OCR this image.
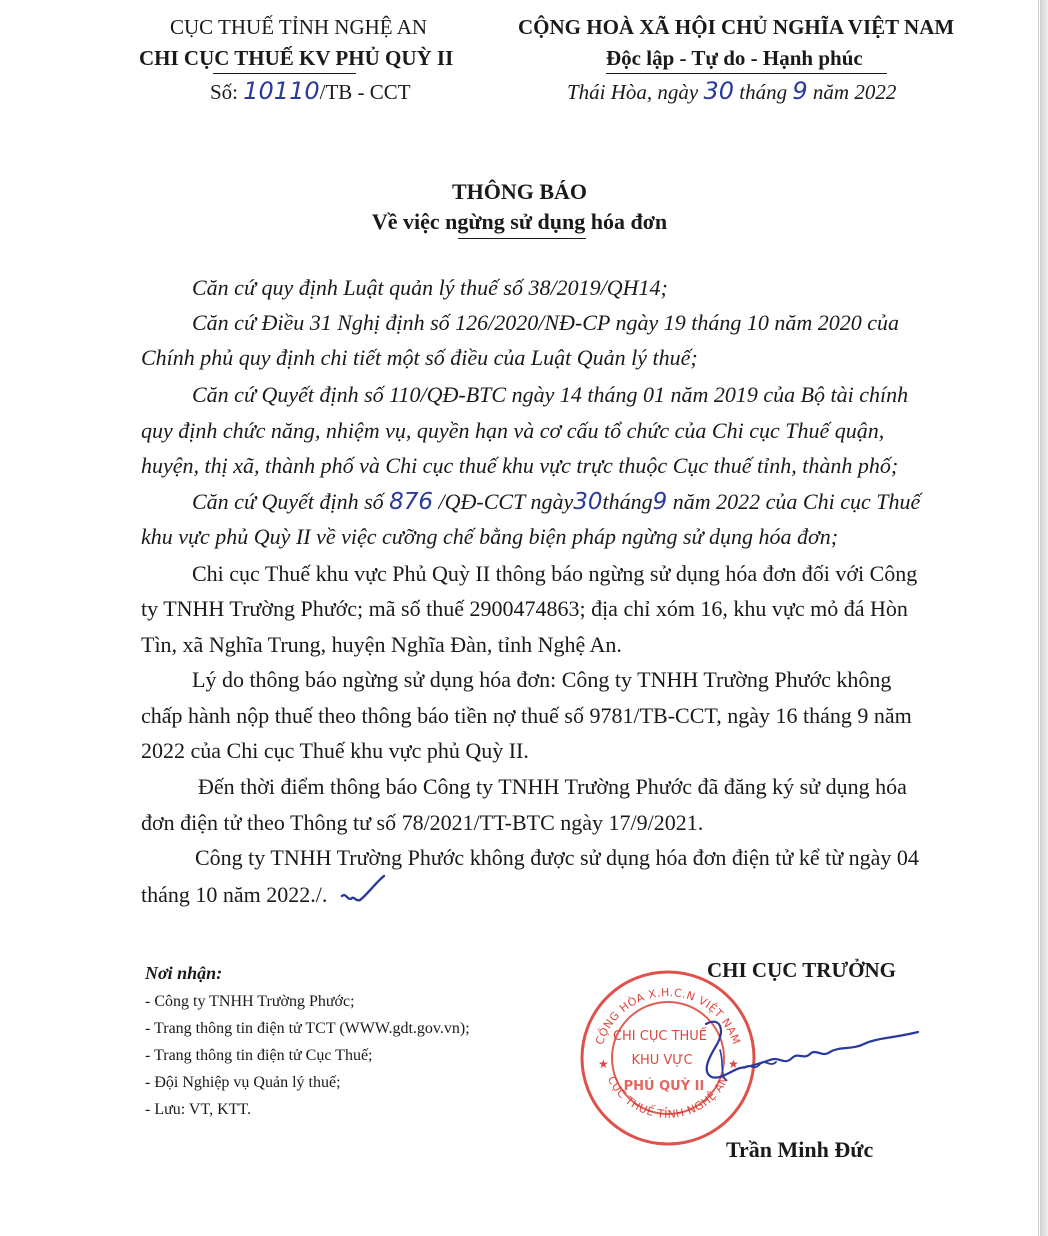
CỤC THUẾ TỈNH NGHỆ AN
CHI CỤC THUẾ KV PHỦ QUỲ II
Số: 10110/TB - CCT
CỘNG HOÀ XÃ HỘI CHỦ NGHĨA VIỆT NAM
Độc lập - Tự do - Hạnh phúc
Thái Hòa, ngày 30 tháng 9 năm 2022
THÔNG BÁO
Về việc ngừng sử dụng hóa đơn
Căn cứ quy định Luật quản lý thuế số 38/2019/QH14;
Căn cứ Điều 31 Nghị định số 126/2020/NĐ-CP ngày 19 tháng 10 năm 2020 của
Chính phủ quy định chi tiết một số điều của Luật Quản lý thuế;
Căn cứ Quyết định số 110/QĐ-BTC ngày 14 tháng 01 năm 2019 của Bộ tài chính
quy định chức năng, nhiệm vụ, quyền hạn và cơ cấu tổ chức của Chi cục Thuế quận,
huyện, thị xã, thành phố và Chi cục thuế khu vực trực thuộc Cục thuế tỉnh, thành phố;
Căn cứ Quyết định số 876 /QĐ-CCT ngày30tháng9 năm 2022 của Chi cục Thuế
khu vực phủ Quỳ II về việc cưỡng chế bằng biện pháp ngừng sử dụng hóa đơn;
Chi cục Thuế khu vực Phủ Quỳ II thông báo ngừng sử dụng hóa đơn đối với Công
ty TNHH Trường Phước; mã số thuế 2900474863; địa chỉ xóm 16, khu vực mỏ đá Hòn
Tìn, xã Nghĩa Trung, huyện Nghĩa Đàn, tỉnh Nghệ An.
Lý do thông báo ngừng sử dụng hóa đơn: Công ty TNHH Trường Phước không
chấp hành nộp thuế theo thông báo tiền nợ thuế số 9781/TB-CCT, ngày 16 tháng 9 năm
2022 của Chi cục Thuế khu vực phủ Quỳ II.
Đến thời điểm thông báo Công ty TNHH Trường Phước đã đăng ký sử dụng hóa
đơn điện tử theo Thông tư số 78/2021/TT-BTC ngày 17/9/2021.
Công ty TNHH Trường Phước không được sử dụng hóa đơn điện tử kể từ ngày 04
tháng 10 năm 2022./.
Nơi nhận:
- Công ty TNHH Trường Phước;
- Trang thông tin điện tử TCT (WWW.gdt.gov.vn);
- Trang thông tin điện tử Cục Thuế;
- Đội Nghiệp vụ Quản lý thuế;
- Lưu: VT, KTT.
CHI CỤC TRƯỞNG
CỘNG HÒA X.H.C.N VIỆT NAM
CỤC THUẾ TỈNH NGHỆ AN
★	★
CHI CỤC THUẾ
KHU VỰC
PHỦ QUỲ II
Trần Minh Đức
